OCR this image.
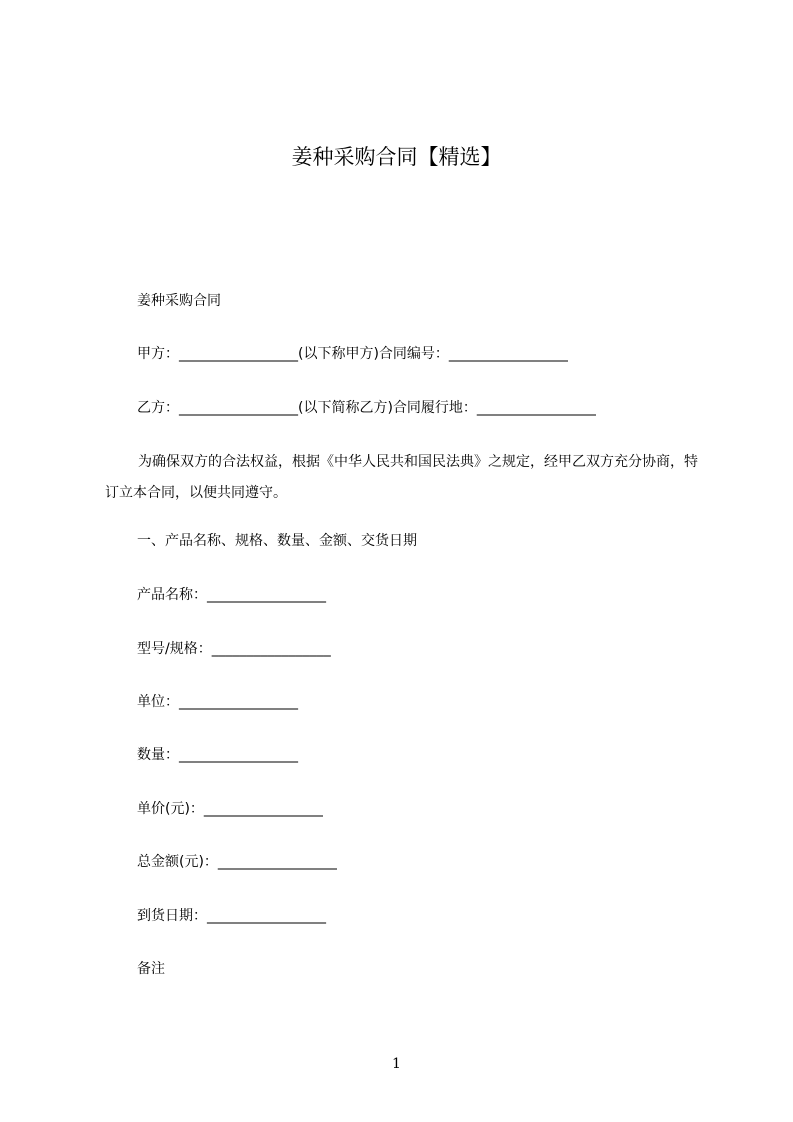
姜种采购合同【精选】
姜种采购合同
甲方：_________________(以下称甲方)合同编号：_________________
乙方：_________________(以下简称乙方)合同履行地：_________________
为确保双方的合法权益，根据《中华人民共和国民法典》之规定，经甲乙双方充分协商，特订立本合同，以便共同遵守。
一、产品名称、规格、数量、金额、交货日期
产品名称：_________________
型号/规格：_________________
单位：_________________
数量：_________________
单价(元)：_________________
总金额(元)：_________________
到货日期：_________________
备注
1
